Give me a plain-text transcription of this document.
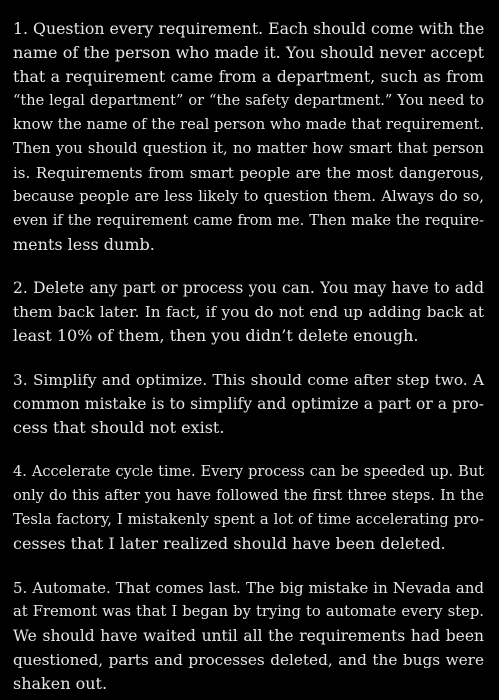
1. Question every requirement. Each should come with the
name of the person who made it. You should never accept
that a requirement came from a department, such as from
“the legal department” or “the safety department.” You need to
know the name of the real person who made that requirement.
Then you should question it, no matter how smart that person
is. Requirements from smart people are the most dangerous,
because people are less likely to question them. Always do so,
even if the requirement came from me. Then make the require-
ments less dumb.
2. Delete any part or process you can. You may have to add
them back later. In fact, if you do not end up adding back at
least 10% of them, then you didn’t delete enough.
3. Simplify and optimize. This should come after step two. A
common mistake is to simplify and optimize a part or a pro-
cess that should not exist.
4. Accelerate cycle time. Every process can be speeded up. But
only do this after you have followed the first three steps. In the
Tesla factory, I mistakenly spent a lot of time accelerating pro-
cesses that I later realized should have been deleted.
5. Automate. That comes last. The big mistake in Nevada and
at Fremont was that I began by trying to automate every step.
We should have waited until all the requirements had been
questioned, parts and processes deleted, and the bugs were
shaken out.
